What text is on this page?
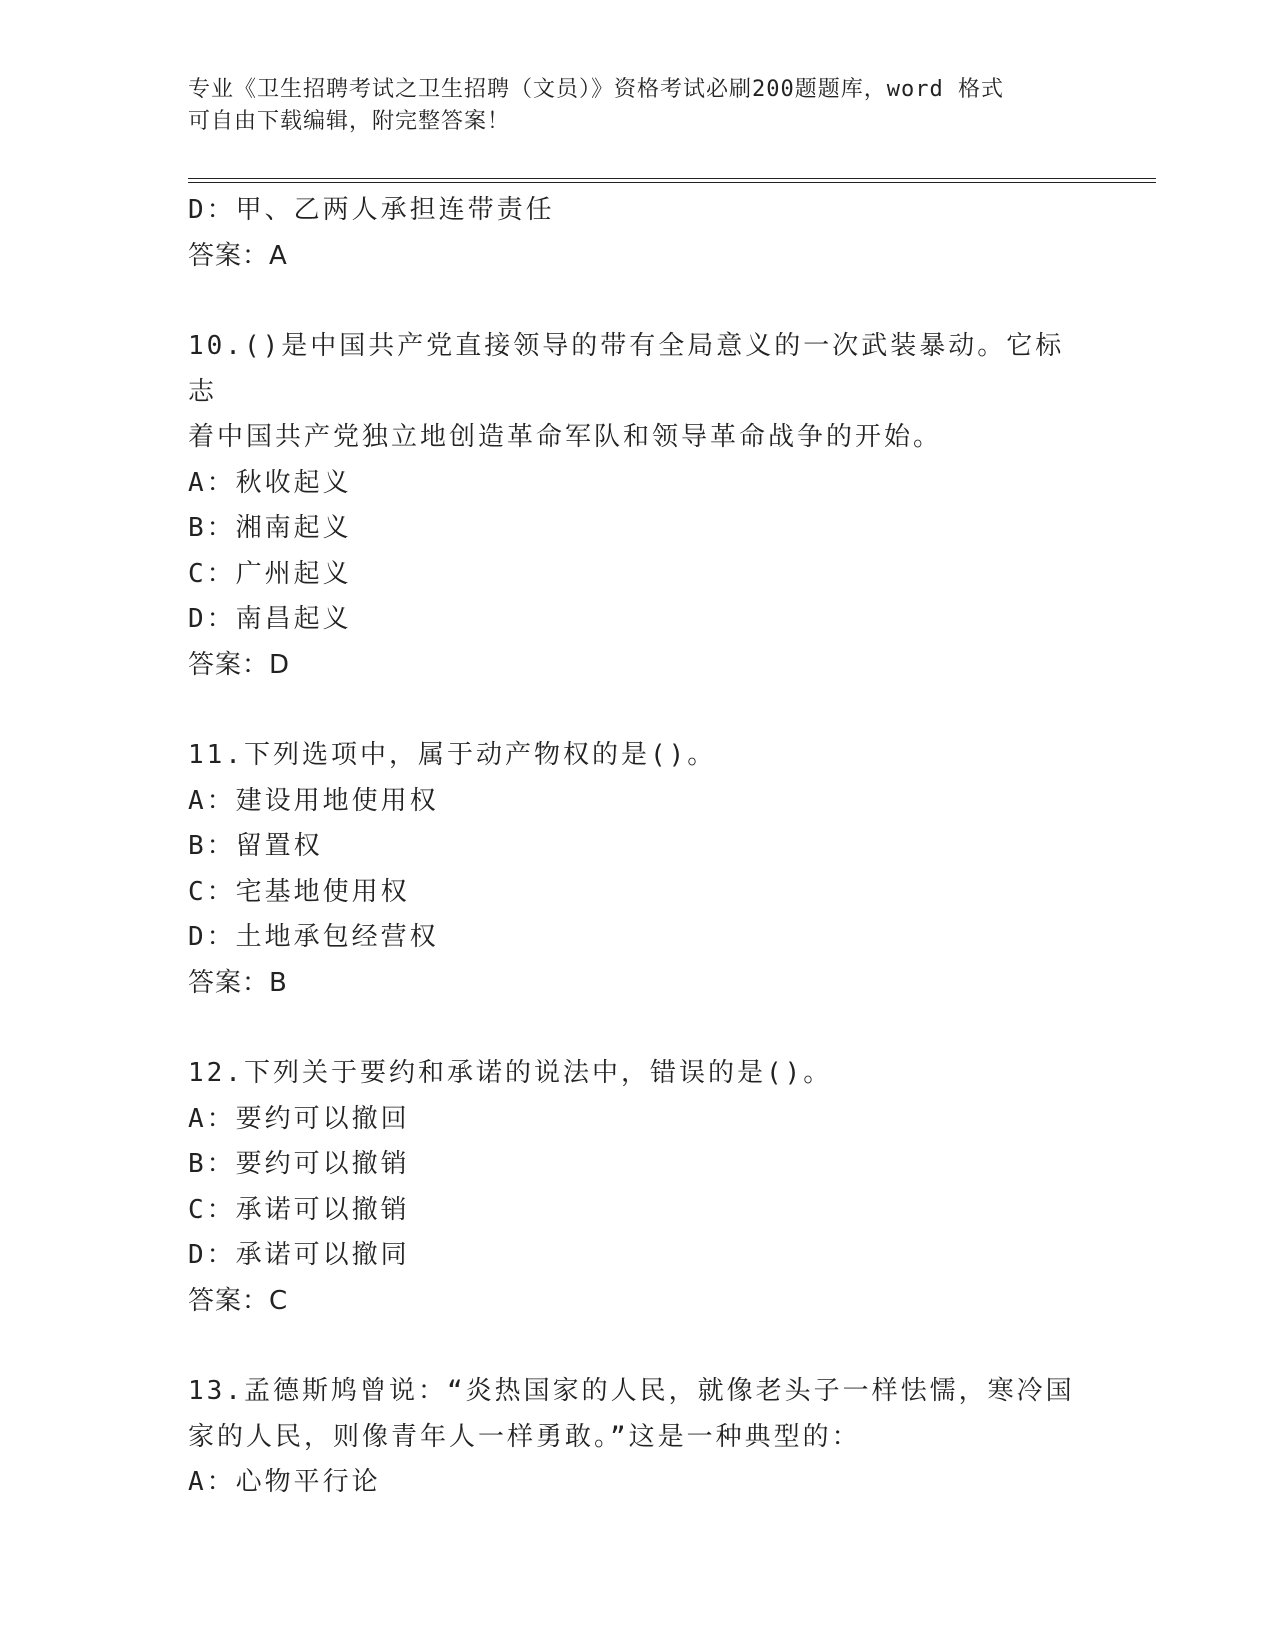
专业《卫生招聘考试之卫生招聘（文员）》资格考试必刷200题题库，word 格式
可自由下载编辑，附完整答案！
D：甲、乙两人承担连带责任
答案：A
10.()是中国共产党直接领导的带有全局意义的一次武装暴动。它标志
着中国共产党独立地创造革命军队和领导革命战争的开始。
A：秋收起义
B：湘南起义
C：广州起义
D：南昌起义
答案：D
11.下列选项中，属于动产物权的是()。
A：建设用地使用权
B：留置权
C：宅基地使用权
D：土地承包经营权
答案：B
12.下列关于要约和承诺的说法中，错误的是()。
A：要约可以撤回
B：要约可以撤销
C：承诺可以撤销
D：承诺可以撤同
答案：C
13.孟德斯鸠曾说：“炎热国家的人民，就像老头子一样怯懦，寒冷国
家的人民，则像青年人一样勇敢。”这是一种典型的：
A：心物平行论
